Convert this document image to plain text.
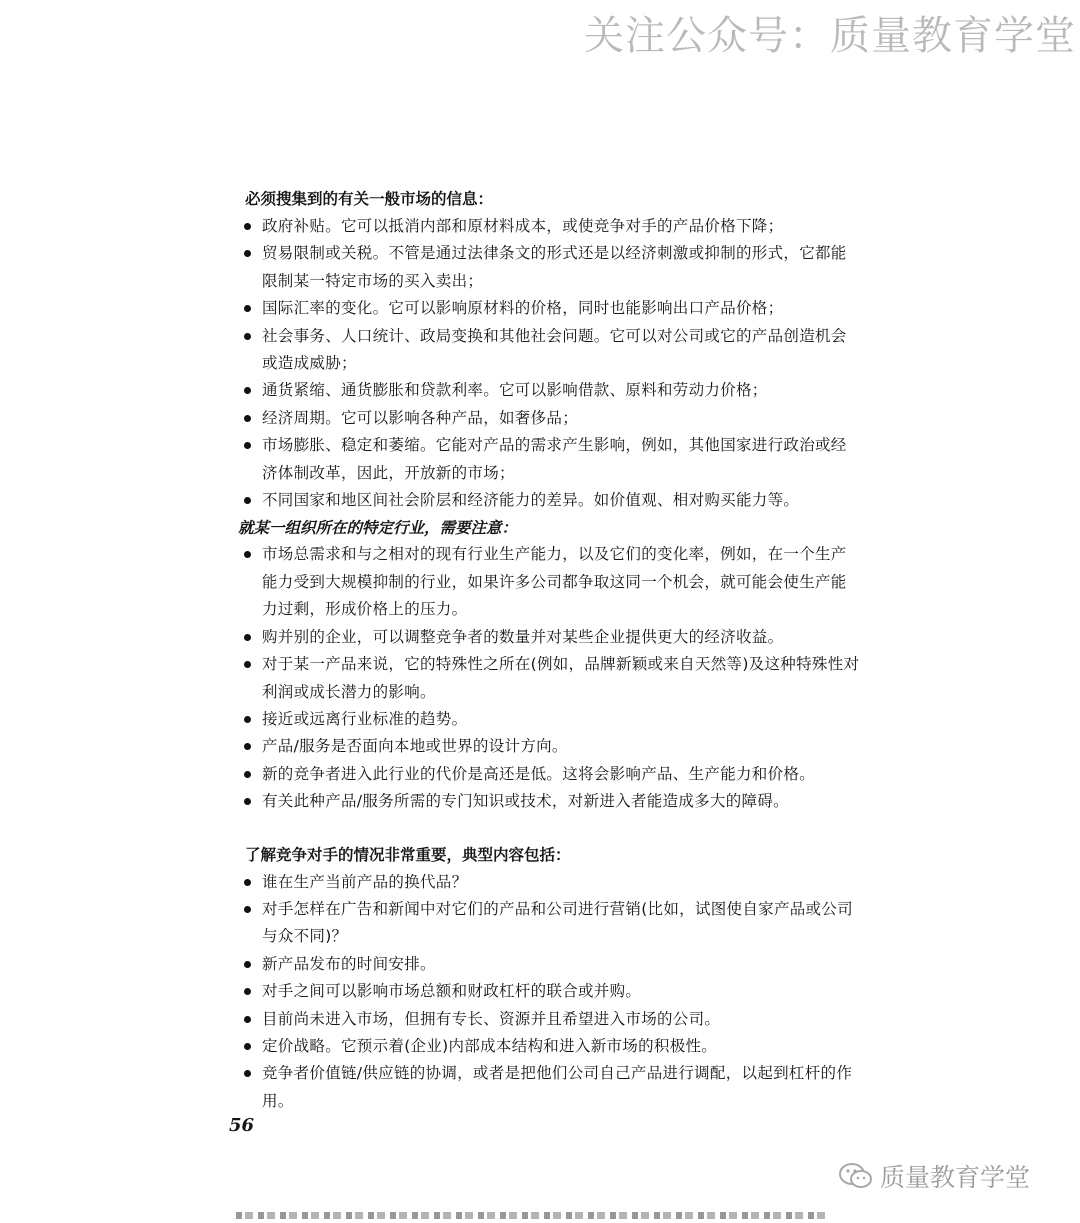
关注公众号：质量教育学堂
必须搜集到的有关一般市场的信息：
政府补贴。它可以抵消内部和原材料成本，或使竞争对手的产品价格下降；
贸易限制或关税。不管是通过法律条文的形式还是以经济刺激或抑制的形式，它都能限制某一特定市场的买入卖出；
国际汇率的变化。它可以影响原材料的价格，同时也能影响出口产品价格；
社会事务、人口统计、政局变换和其他社会问题。它可以对公司或它的产品创造机会或造成威胁；
通货紧缩、通货膨胀和贷款利率。它可以影响借款、原料和劳动力价格；
经济周期。它可以影响各种产品，如奢侈品；
市场膨胀、稳定和萎缩。它能对产品的需求产生影响，例如，其他国家进行政治或经济体制改革，因此，开放新的市场；
不同国家和地区间社会阶层和经济能力的差异。如价值观、相对购买能力等。
就某一组织所在的特定行业，需要注意：
市场总需求和与之相对的现有行业生产能力，以及它们的变化率，例如，在一个生产能力受到大规模抑制的行业，如果许多公司都争取这同一个机会，就可能会使生产能力过剩，形成价格上的压力。
购并别的企业，可以调整竞争者的数量并对某些企业提供更大的经济收益。
对于某一产品来说，它的特殊性之所在(例如，品牌新颖或来自天然等)及这种特殊性对利润或成长潜力的影响。
接近或远离行业标准的趋势。
产品/服务是否面向本地或世界的设计方向。
新的竞争者进入此行业的代价是高还是低。这将会影响产品、生产能力和价格。
有关此种产品/服务所需的专门知识或技术，对新进入者能造成多大的障碍。
了解竞争对手的情况非常重要，典型内容包括：
谁在生产当前产品的换代品？
对手怎样在广告和新闻中对它们的产品和公司进行营销(比如，试图使自家产品或公司与众不同)？
新产品发布的时间安排。
对手之间可以影响市场总额和财政杠杆的联合或并购。
目前尚未进入市场，但拥有专长、资源并且希望进入市场的公司。
定价战略。它预示着(企业)内部成本结构和进入新市场的积极性。
竞争者价值链/供应链的协调，或者是把他们公司自己产品进行调配，以起到杠杆的作用。
56
质量教育学堂
